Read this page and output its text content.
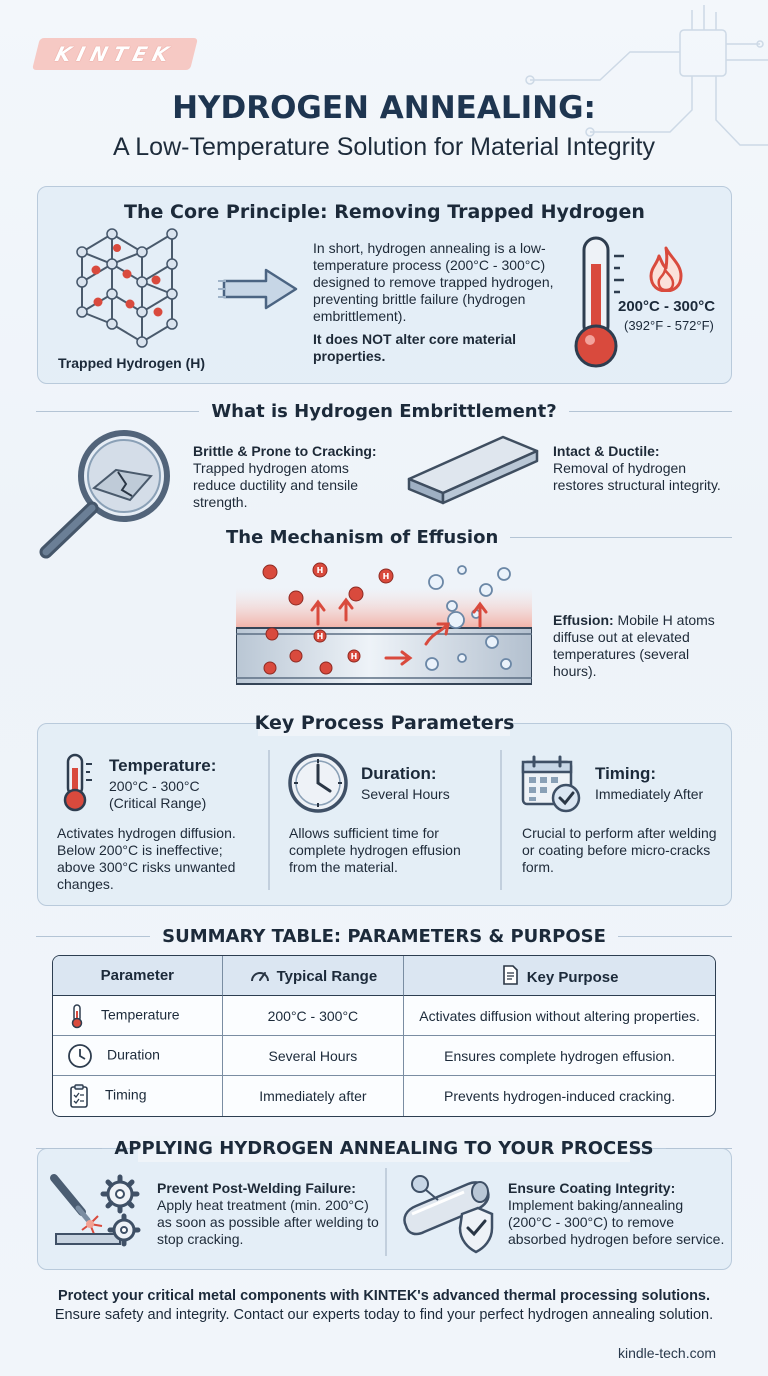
KINTEK
HYDROGEN ANNEALING:
A Low-Temperature Solution for Material Integrity
The Core Principle: Removing Trapped Hydrogen
Trapped Hydrogen (H)
In short, hydrogen annealing is a low-temperature process (200°C - 300°C) designed to remove trapped hydrogen, preventing brittle failure (hydrogen embrittlement).
It does NOT alter core material properties.
200°C - 300°C
(392°F - 572°F)
What is Hydrogen Embrittlement?
Brittle & Prone to Cracking:
Trapped hydrogen atoms reduce ductility and tensile strength.
Intact & Ductile:
Removal of hydrogen restores structural integrity.
The Mechanism of Effusion
H
H
H
H
Effusion: Mobile H atoms diffuse out at elevated temperatures (several hours).
Key Process Parameters
Temperature:
200°C - 300°C
(Critical Range)
Activates hydrogen diffusion. Below 200°C is ineffective; above 300°C risks unwanted changes.
Duration:
Several Hours
Allows sufficient time for complete hydrogen effusion from the material.
Timing:
Immediately After
Crucial to perform after welding or coating before micro-cracks form.
SUMMARY TABLE: PARAMETERS & PURPOSE
Parameter	Typical Range	Key Purpose
Temperature	200°C - 300°C	Activates diffusion without altering properties.
Duration	Several Hours	Ensures complete hydrogen effusion.
Timing	Immediately after	Prevents hydrogen-induced cracking.
APPLYING HYDROGEN ANNEALING TO YOUR PROCESS
Prevent Post-Welding Failure:
Apply heat treatment (min. 200°C) as soon as possible after welding to stop cracking.
Ensure Coating Integrity:
Implement baking/annealing (200°C - 300°C) to remove absorbed hydrogen before service.
Protect your critical metal components with KINTEK's advanced thermal processing solutions.
Ensure safety and integrity. Contact our experts today to find your perfect hydrogen annealing solution.
kindle-tech.com
